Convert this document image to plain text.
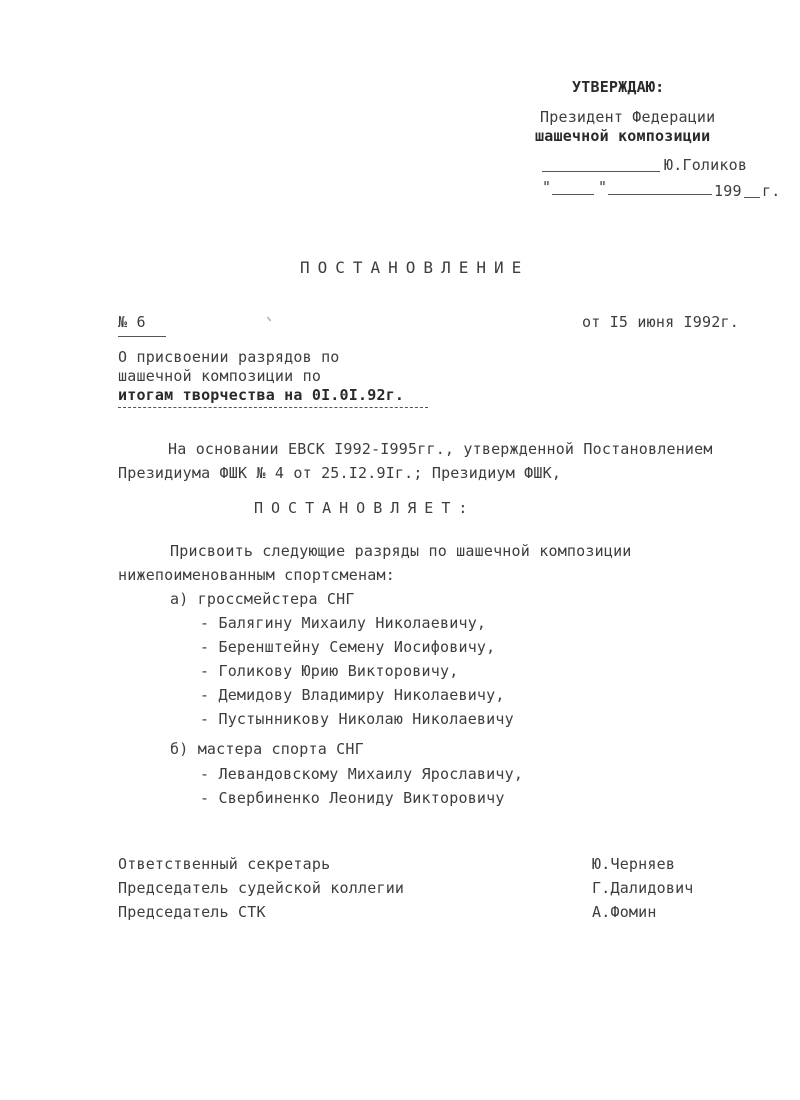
УТВЕРЖДАЮ:
Президент Федерации
шашечной композиции
Ю.Голиков
"	"	199 г.
ПОСТАНОВЛЕНИЕ
№ 6	от I5 июня I992г.
О присвоении разрядов по
шашечной композиции по
итогам творчества на 0I.0I.92г.
На основании ЕВСК I992-I995гг., утвержденной Постановлением
Президиума ФШК № 4 от 25.I2.9Iг.; Президиум ФШК,
ПОСТАНОВЛЯЕТ:
Присвоить следующие разряды по шашечной композиции
нижепоименованным спортсменам:
а) гроссмейстера СНГ
- Балягину Михаилу Николаевичу,
- Беренштейну Семену Иосифовичу,
- Голикову Юрию Викторовичу,
- Демидову Владимиру Николаевичу,
- Пустынникову Николаю Николаевичу
б) мастера спорта СНГ
- Левандовскому Михаилу Ярославичу,
- Свербиненко Леониду Викторовичу
Ответственный секретарь	Ю.Черняев
Председатель судейской коллегии	Г.Далидович
Председатель СТК	А.Фомин
